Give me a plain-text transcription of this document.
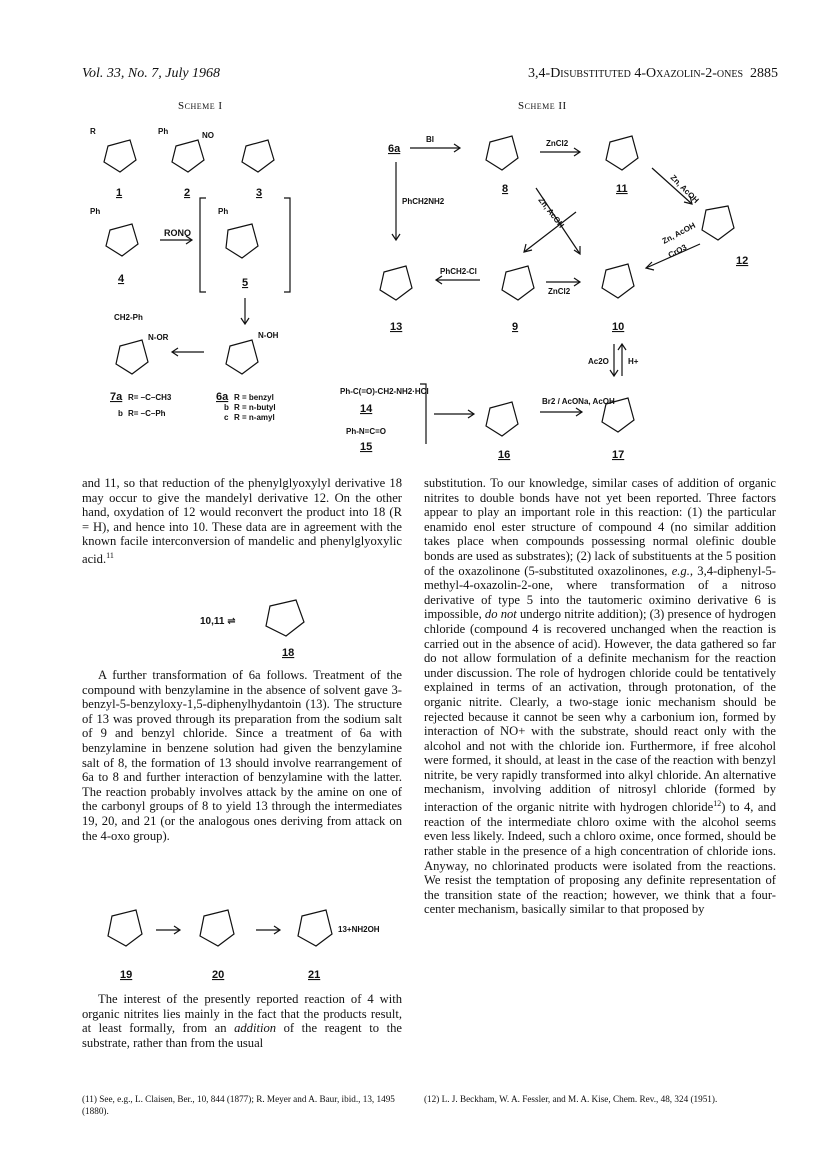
Vol. 33, No. 7, July 1968	3,4-Disubstituted 4-Oxazolin-2-ones 2885
Scheme I	Scheme II
R	Ph	NO
Ph	Ph
CH2-Ph
N-OR	N-OH
RONO
1	2	3
4	5
7a R= –C–CH3
b R= –C–Ph
6a R = benzyl
b R = n-butyl
c R = n-amyl
BI	ZnCl2
Zn, AcOH
Zn, AcOH
Zn, AcOH
CrO3
PhCH2NH2
PhCH2-Cl
ZnCl2
Ac2O H+
Br2 / AcONa, AcOH
Ph-C(=O)-CH2-NH2·HCl
Ph-N=C=O
6a
8	11
12
13	9	10
14
15
16	17

and 11, so that reduction of the phenylglyoxylyl derivative 18 may occur to give the mandelyl derivative 12. On the other hand, oxydation of 12 would reconvert the product into 18 (R = H), and hence into 10. These data are in agreement with the known facile interconversion of mandelic and phenylglyoxylic acid.$^{11}$

10,11 ⇌
18

A further transformation of 6a follows. Treatment of the compound with benzylamine in the absence of solvent gave 3-benzyl-5-benzyloxy-1,5-diphenylhydantoin (13). The structure of 13 was proved through its preparation from the sodium salt of 9 and benzyl chloride. Since a treatment of 6a with benzylamine in benzene solution had given the benzylamine salt of 8, the formation of 13 should involve rearrangement of 6a to 8 and further interaction of benzylamine with the latter. The reaction probably involves attack by the amine on one of the carbonyl groups of 8 to yield 13 through the intermediates 19, 20, and 21 (or the analogous ones deriving from attack on the 4-oxo group).

13+NH2OH
19	20	21

The interest of the presently reported reaction of 4 with organic nitrites lies mainly in the fact that the products result, at least formally, from an addition of the reagent to the substrate, rather than from the usual

substitution. To our knowledge, similar cases of addition of organic nitrites to double bonds have not yet been reported. Three factors appear to play an important role in this reaction: (1) the particular enamido enol ester structure of compound 4 (no similar addition takes place when compounds possessing normal olefinic double bonds are used as substrates); (2) lack of substituents at the 5 position of the oxazolinone (5-substituted oxazolinones, e.g., 3,4-diphenyl-5-methyl-4-oxazolin-2-one, where transformation of a nitroso derivative of type 5 into the tautomeric oximino derivative 6 is impossible, do not undergo nitrite addition); (3) presence of hydrogen chloride (compound 4 is recovered unchanged when the reaction is carried out in the absence of acid). However, the data gathered so far do not allow formulation of a definite mechanism for the reaction under discussion. The role of hydrogen chloride could be tentatively explained in terms of an activation, through protonation, of the organic nitrite. Clearly, a two-stage ionic mechanism should be rejected because it cannot be seen why a carbonium ion, formed by interaction of NO+ with the substrate, should react only with the alcohol and not with the chloride ion. Furthermore, if free alcohol were formed, it should, at least in the case of the reaction with benzyl nitrite, be very rapidly transformed into alkyl chloride. An alternative mechanism, involving addition of nitrosyl chloride (formed by interaction of the organic nitrite with hydrogen chloride$^{12}$) to 4, and reaction of the intermediate chloro oxime with the alcohol seems even less likely. Indeed, such a chloro oxime, once formed, should be rather stable in the presence of a high concentration of chloride ions. Anyway, no chlorinated products were isolated from the reactions. We resist the temptation of proposing any definite representation of the transition state of the reaction; however, we think that a four-center mechanism, basically similar to that proposed by

(11) See, e.g., L. Claisen, Ber., 10, 844 (1877); R. Meyer and A. Baur, ibid., 13, 1495 (1880).
(12) L. J. Beckham, W. A. Fessler, and M. A. Kise, Chem. Rev., 48, 324 (1951).
